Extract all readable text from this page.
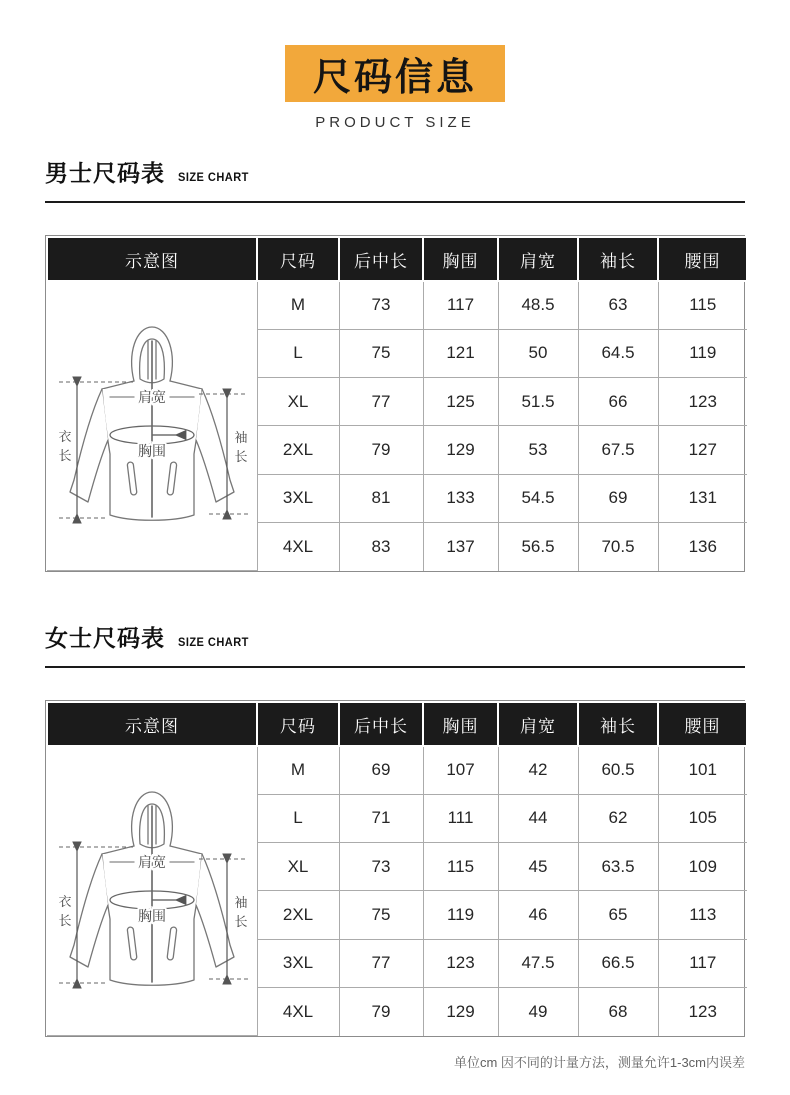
尺码信息
PRODUCT SIZE
男士尺码表 SIZE CHART
示意图	尺码	后中长	胸围	肩宽	袖长	腰围

肩宽
胸围
衣
长
袖
长
	M	73	117	48.5	63	115
	L	75	121	50	64.5	119
	XL	77	125	51.5	66	123
	2XL	79	129	53	67.5	127
	3XL	81	133	54.5	69	131
	4XL	83	137	56.5	70.5	136
女士尺码表 SIZE CHART
示意图	尺码	后中长	胸围	肩宽	袖长	腰围

肩宽
胸围
衣
长
袖
长
	M	69	107	42	60.5	101
	L	71	111	44	62	105
	XL	73	115	45	63.5	109
	2XL	75	119	46	65	113
	3XL	77	123	47.5	66.5	117
	4XL	79	129	49	68	123
单位cm 因不同的计量方法，测量允许1-3cm内误差
